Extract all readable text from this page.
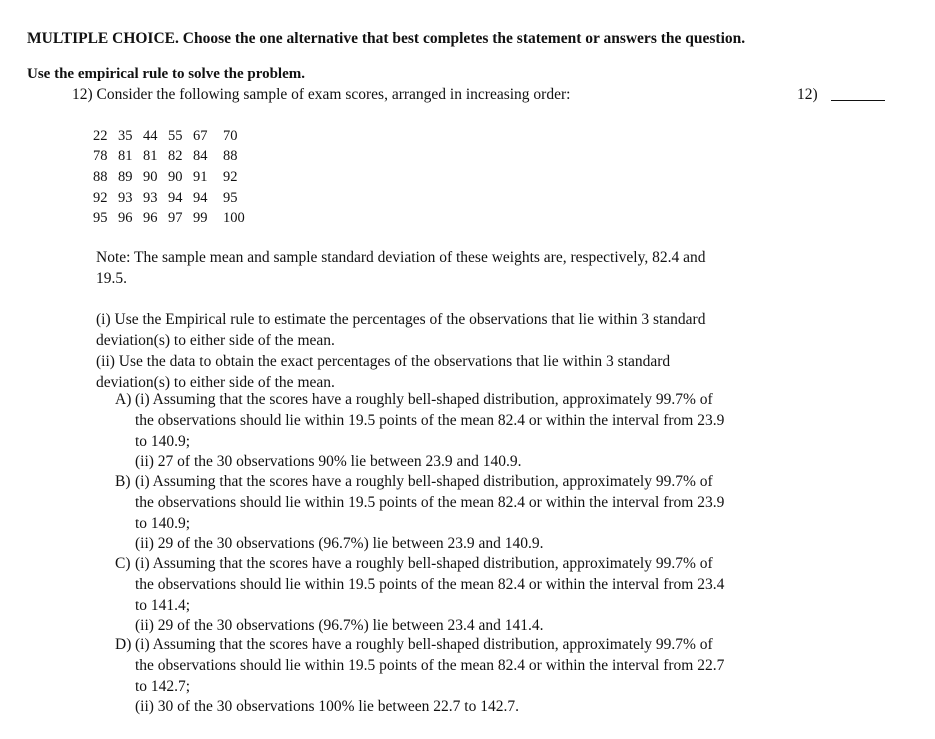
MULTIPLE CHOICE. Choose the one alternative that best completes the statement or answers the question.
Use the empirical rule to solve the problem.
12) Consider the following sample of exam scores, arranged in increasing order:	12)
22	35	44	55	67	70
78	81	81	82	84	88
88	89	90	90	91	92
92	93	93	94	94	95
95	96	96	97	99	100
Note: The sample mean and sample standard deviation of these weights are, respectively, 82.4 and
19.5.
(i) Use the Empirical rule to estimate the percentages of the observations that lie within 3 standard
deviation(s) to either side of the mean.
(ii) Use the data to obtain the exact percentages of the observations that lie within 3 standard
deviation(s) to either side of the mean.
A) (i) Assuming that the scores have a roughly bell-shaped distribution, approximately 99.7% of
the observations should lie within 19.5 points of the mean 82.4 or within the interval from 23.9
to 140.9;
(ii) 27 of the 30 observations 90% lie between 23.9 and 140.9.
B) (i) Assuming that the scores have a roughly bell-shaped distribution, approximately 99.7% of
the observations should lie within 19.5 points of the mean 82.4 or within the interval from 23.9
to 140.9;
(ii) 29 of the 30 observations (96.7%) lie between 23.9 and 140.9.
C) (i) Assuming that the scores have a roughly bell-shaped distribution, approximately 99.7% of
the observations should lie within 19.5 points of the mean 82.4 or within the interval from 23.4
to 141.4;
(ii) 29 of the 30 observations (96.7%) lie between 23.4 and 141.4.
D) (i) Assuming that the scores have a roughly bell-shaped distribution, approximately 99.7% of
the observations should lie within 19.5 points of the mean 82.4 or within the interval from 22.7
to 142.7;
(ii) 30 of the 30 observations 100% lie between 22.7 to 142.7.
